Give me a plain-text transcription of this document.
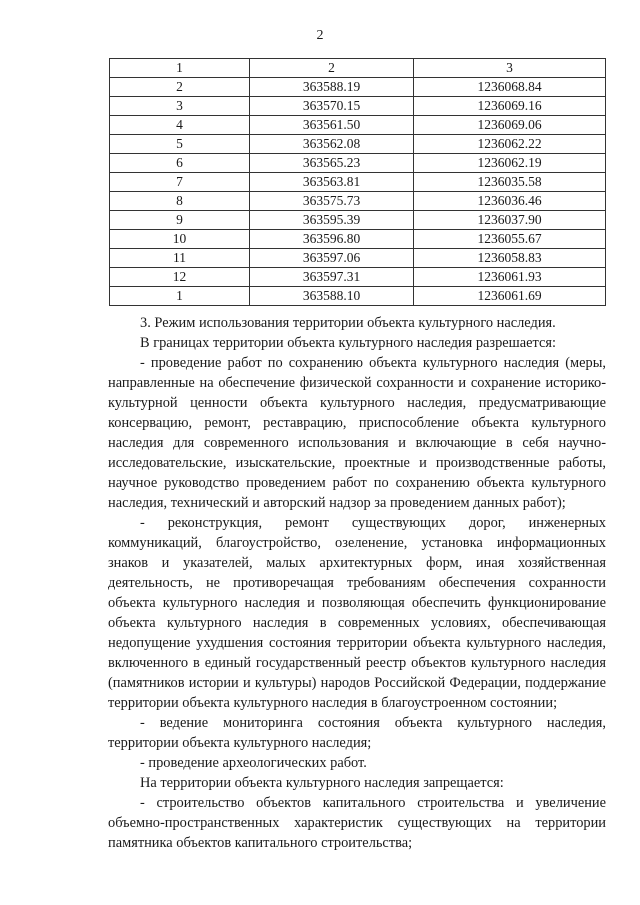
2
1	2	3
2	363588.19	1236068.84
3	363570.15	1236069.16
4	363561.50	1236069.06
5	363562.08	1236062.22
6	363565.23	1236062.19
7	363563.81	1236035.58
8	363575.73	1236036.46
9	363595.39	1236037.90
10	363596.80	1236055.67
11	363597.06	1236058.83
12	363597.31	1236061.93
1	363588.10	1236061.69

3. Режим использования территории объекта культурного наследия.

В границах территории объекта культурного наследия разрешается:

- проведение работ по сохранению объекта культурного наследия (меры, направленные на обеспечение физической сохранности и сохранение историко-культурной ценности объекта культурного наследия, предусматривающие консервацию, ремонт, реставрацию, приспособление объекта культурного наследия для современного использования и включающие в себя научно-исследовательские, изыскательские, проектные и производственные работы, научное руководство проведением работ по сохранению объекта культурного наследия, технический и авторский надзор за проведением данных работ);

- реконструкция, ремонт существующих дорог, инженерных коммуникаций, благоустройство, озеленение, установка информационных знаков и указателей, малых архитектурных форм, иная хозяйственная деятельность, не противоречащая требованиям обеспечения сохранности объекта культурного наследия и позволяющая обеспечить функционирование объекта культурного наследия в современных условиях, обеспечивающая недопущение ухудшения состояния территории объекта культурного наследия, включенного в единый государственный реестр объектов культурного наследия (памятников истории и культуры) народов Российской Федерации, поддержание территории объекта культурного наследия в благоустроенном состоянии;

- ведение мониторинга состояния объекта культурного наследия, территории объекта культурного наследия;

- проведение археологических работ.

На территории объекта культурного наследия запрещается:

- строительство объектов капитального строительства и увеличение объемно-пространственных характеристик существующих на территории памятника объектов капитального строительства;
